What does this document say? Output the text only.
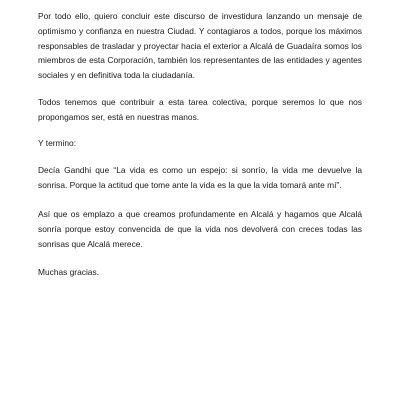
Por todo ello, quiero concluir este discurso de investidura lanzando un mensaje de optimismo y confianza en nuestra Ciudad. Y contagiaros a todos, porque los máximos responsables de trasladar y proyectar hacia el exterior a Alcalá de Guadaíra somos los miembros de esta Corporación, también los representantes de las entidades y agentes sociales y en definitiva toda la ciudadanía.

Todos tenemos que contribuir a esta tarea colectiva, porque seremos lo que nos propongamos ser, está en nuestras manos.

Y termino:

Decía Gandhi que “La vida es como un espejo: si sonrío, la vida me devuelve la sonrisa. Porque la actitud que tome ante la vida es la que la vida tomará ante mí”.

Así que os emplazo a que creamos profundamente en Alcalá y hagamos que Alcalá sonría porque estoy convencida de que la vida nos devolverá con creces todas las sonrisas que Alcalá merece.

Muchas gracias.
